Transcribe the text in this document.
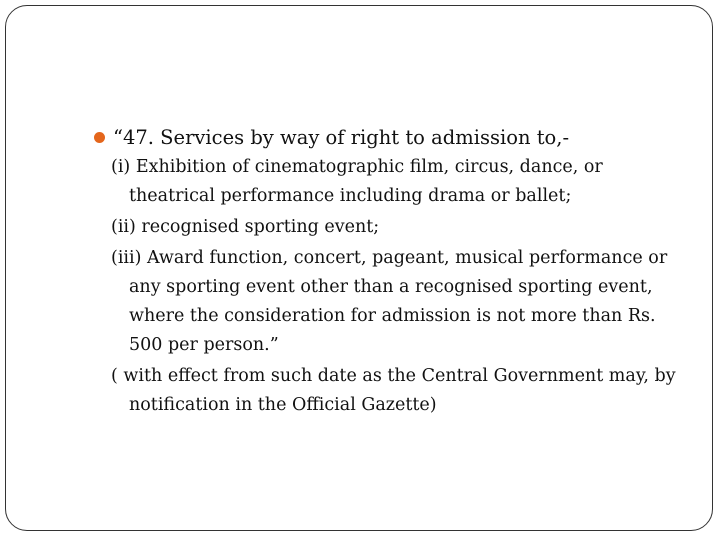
“47. Services by way of right to admission to,-

(i) Exhibition of cinematographic film, circus, dance, or theatrical performance including drama or ballet;

(ii) recognised sporting event;

(iii) Award function, concert, pageant, musical performance or any sporting event other than a recognised sporting event, where the consideration for admission is not more than Rs. 500 per person.”

( with effect from such date as the Central Government may, by notification in the Official Gazette)
